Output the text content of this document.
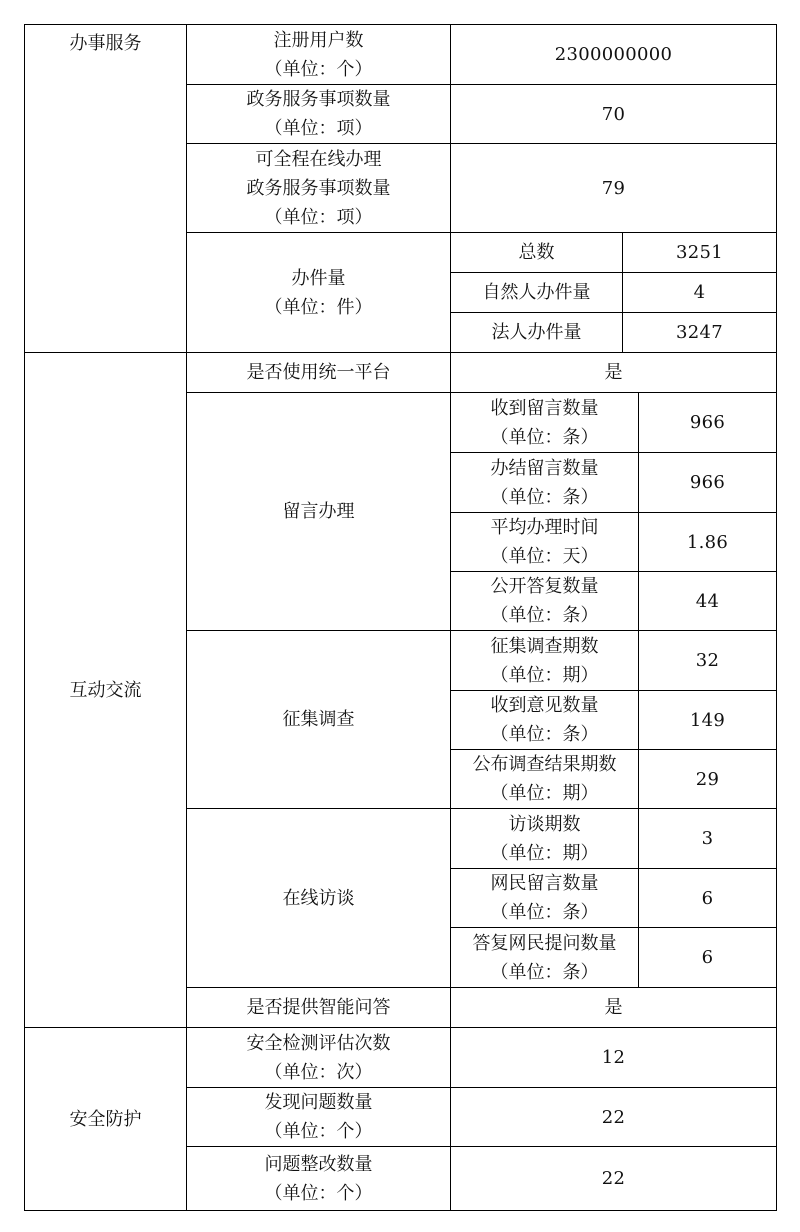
办事服务	注册用户数
（单位：个）	2300000000		

	政务服务事项数量
（单位：项）	70		

	可全程在线办理
政务服务事项数量
（单位：项）	79		

	办件量
（单位：件）	总数	3251	
		自然人办件量	4	
		法人办件量	3247	
互动交流	是否使用统一平台	是		
	留言办理	收到留言数量
（单位：条）		966

		办结留言数量
（单位：条）		966

		平均办理时间
（单位：天）		1.86

		公开答复数量
（单位：条）		44
	征集调查	征集调查期数
（单位：期）		32

		收到意见数量
（单位：条）		149

		公布调查结果期数
（单位：期）		29
	在线访谈	访谈期数
（单位：期）		3

		网民留言数量
（单位：条）		6

		答复网民提问数量
（单位：条）		6
	是否提供智能问答	是		
安全防护	安全检测评估次数
（单位：次）	12		

	发现问题数量
（单位：个）	22		

	问题整改数量
（单位：个）	22		
